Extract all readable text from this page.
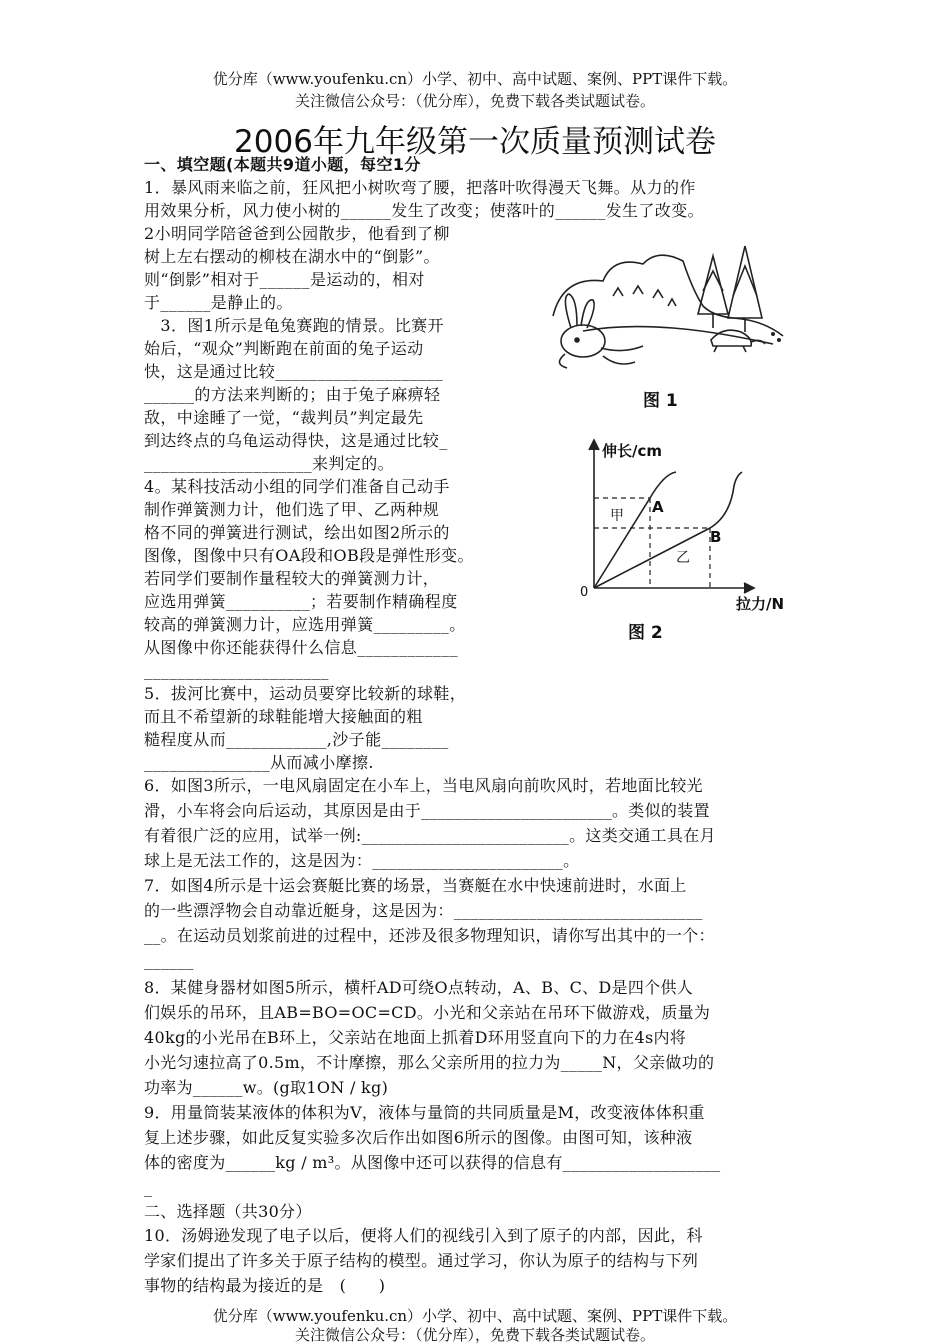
优分库（www.youfenku.cn）小学、初中、高中试题、案例、PPT课件下载。
关注微信公众号：（优分库），免费下载各类试题试卷。
2006年九年级第一次质量预测试卷
一、填空题(本题共9道小题，每空1分
1．暴风雨来临之前，狂风把小树吹弯了腰，把落叶吹得漫天飞舞。从力的作
用效果分析，风力使小树的______发生了改变；使落叶的______发生了改变。
2小明同学陪爸爸到公园散步，他看到了柳
树上左右摆动的柳枝在湖水中的“倒影”。
则“倒影”相对于______是运动的，相对
于______是静止的。
　3．图1所示是龟兔赛跑的情景。比赛开
始后，“观众”判断跑在前面的兔子运动
快，这是通过比较____________________
______的方法来判断的；由于兔子麻痹轻
敌，中途睡了一觉，“裁判员”判定最先
到达终点的乌龟运动得快，这是通过比较_
____________________来判定的。
4。某科技活动小组的同学们准备自己动手
制作弹簧测力计，他们选了甲、乙两种规
格不同的弹簧进行测试，绘出如图2所示的
图像，图像中只有OA段和OB段是弹性形变。
若同学们要制作量程较大的弹簧测力计，
应选用弹簧__________；若要制作精确程度
较高的弹簧测力计，应选用弹簧_________。
从图像中你还能获得什么信息____________
______________________
5．拔河比赛中，运动员要穿比较新的球鞋，
而且不希望新的球鞋能增大接触面的粗
糙程度从而____________,沙子能________
_______________从而减小摩擦.
6．如图3所示，一电风扇固定在小车上，当电风扇向前吹风时，若地面比较光
滑，小车将会向后运动，其原因是由于_______________________。类似的装置
有着很广泛的应用，试举一例:_________________________。这类交通工具在月
球上是无法工作的，这是因为：_______________________。
7．如图4所示是十运会赛艇比赛的场景，当赛艇在水中快速前进时，水面上
的一些漂浮物会自动靠近艇身，这是因为：______________________________
__。在运动员划浆前进的过程中，还涉及很多物理知识，请你写出其中的一个：
______
8．某健身器材如图5所示，横杆AD可绕O点转动，A、B、C、D是四个供人
们娱乐的吊环，且AB=BO=OC=CD。小光和父亲站在吊环下做游戏，质量为
40kg的小光吊在B环上，父亲站在地面上抓着D环用竖直向下的力在4s内将
小光匀速拉高了0.5m，不计摩擦，那么父亲所用的拉力为_____N，父亲做功的
功率为______w。(g取1ON / kg)
9．用量筒装某液体的体积为V，液体与量筒的共同质量是M，改变液体体积重
复上述步骤，如此反复实验多次后作出如图6所示的图像。由图可知，该种液
体的密度为______kg / m³。从图像中还可以获得的信息有___________________
_
二、选择题（共30分）
10．汤姆逊发现了电子以后，便将人们的视线引入到了原子的内部，因此，科
学家们提出了许多关于原子结构的模型。通过学习，你认为原子的结构与下列
事物的结构最为接近的是　(　　)
图 1
伸长/cm
拉力/N
0
A
B
甲
乙
图 2
优分库（www.youfenku.cn）小学、初中、高中试题、案例、PPT课件下载。
关注微信公众号：（优分库），免费下载各类试题试卷。
